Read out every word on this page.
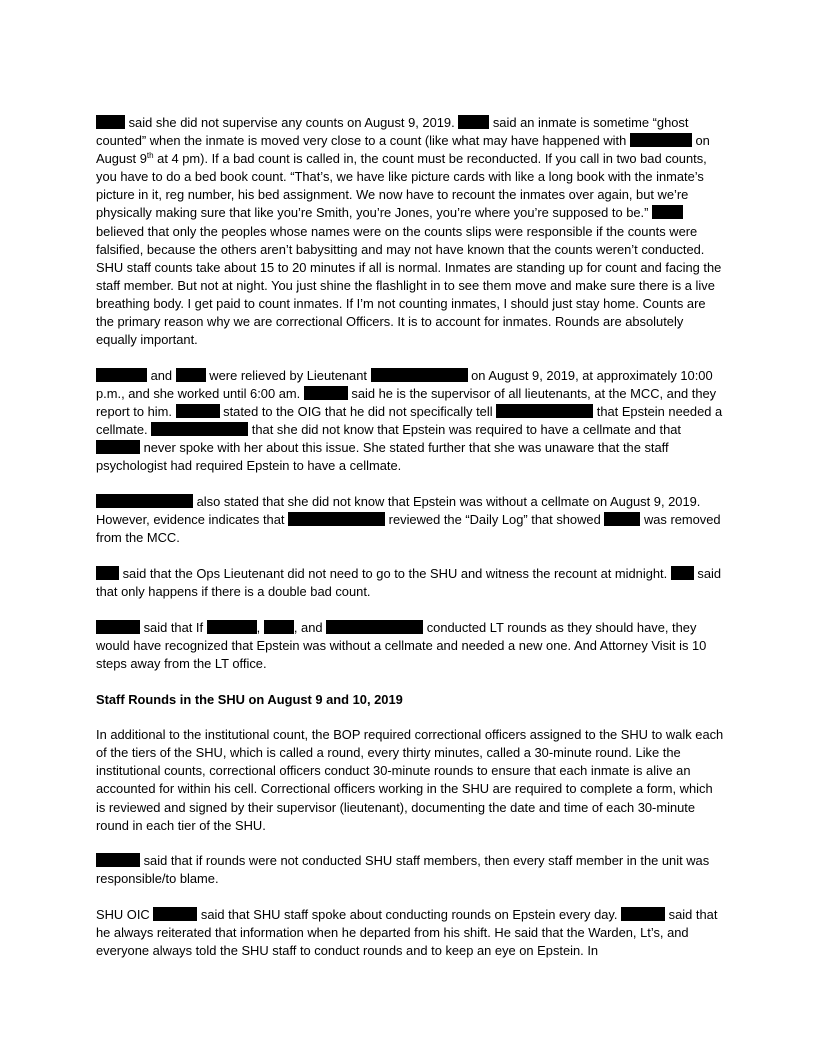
said she did not supervise any counts on August 9, 2019.	said an inmate is sometime “ghost counted” when the inmate is moved very close to a count (like what may have happened with	on August 9th at 4 pm). If a bad count is called in, the count must be reconducted. If you call in two bad counts, you have to do a bed book count. “That’s, we have like picture cards with like a long book with the inmate’s picture in it, reg number, his bed assignment. We now have to recount the inmates over again, but we’re physically making sure that like you’re Smith, you’re Jones, you’re where you’re supposed to be.”  believed that only the peoples whose names were on the counts slips were responsible if the counts were falsified, because the others aren’t babysitting and may not have known that the counts weren’t conducted. SHU staff counts take about 15 to 20 minutes if all is normal. Inmates are standing up for count and facing the staff member. But not at night. You just shine the flashlight in to see them move and make sure there is a live breathing body. I get paid to count inmates. If I’m not counting inmates, I should just stay home. Counts are the primary reason why we are correctional Officers. It is to account for inmates. Rounds are absolutely equally important.

and	were relieved by Lieutenant	on August 9, 2019, at approximately 10:00 p.m., and she worked until 6:00 am.	said he is the supervisor of all lieutenants, at the MCC, and they report to him.	stated to the OIG that he did not specifically tell	that Epstein needed a cellmate.	that she did not know that Epstein was required to have a cellmate and that  never spoke with her about this issue. She stated further that she was unaware that the staff psychologist had required Epstein to have a cellmate.

also stated that she did not know that Epstein was without a cellmate on August 9, 2019. However, evidence indicates that	reviewed the “Daily Log” that showed	was removed from the MCC.

said that the Ops Lieutenant did not need to go to the SHU and witness the recount at midnight. said that only happens if there is a double bad count.

said that If	,	, and	conducted LT rounds as they should have, they would have recognized that Epstein was without a cellmate and needed a new one. And Attorney Visit is 10 steps away from the LT office.

Staff Rounds in the SHU on August 9 and 10, 2019

In additional to the institutional count, the BOP required correctional officers assigned to the SHU to walk each of the tiers of the SHU, which is called a round, every thirty minutes, called a 30-minute round. Like the institutional counts, correctional officers conduct 30-minute rounds to ensure that each inmate is alive an accounted for within his cell. Correctional officers working in the SHU are required to complete a form, which is reviewed and signed by their supervisor (lieutenant), documenting the date and time of each 30-minute round in each tier of the SHU.

said that if rounds were not conducted SHU staff members, then every staff member in the unit was responsible/to blame.

SHU OIC	said that SHU staff spoke about conducting rounds on Epstein every day.	said that he always reiterated that information when he departed from his shift. He said that the Warden, Lt’s, and everyone always told the SHU staff to conduct rounds and to keep an eye on Epstein. In
